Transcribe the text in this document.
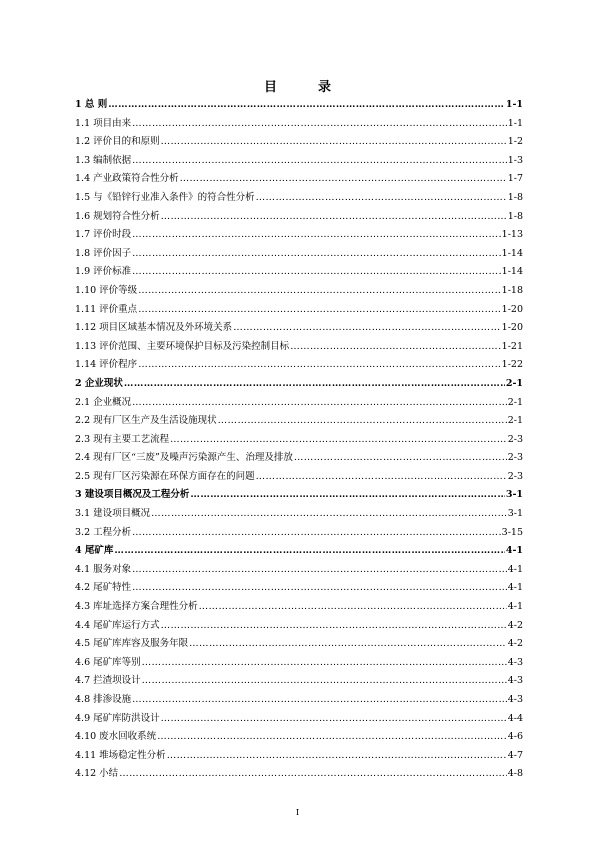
目　录
1 总 则 ………………………………………………………………………………………………………………………………………………………………………………………………………………	1-1
1.1 项目由来 ………………………………………………………………………………………………………………………………………………………………………………………………………………	1-1
1.2 评价目的和原则 ………………………………………………………………………………………………………………………………………………………………………………………………………………	1-2
1.3 编制依据 ………………………………………………………………………………………………………………………………………………………………………………………………………………	1-3
1.4 产业政策符合性分析 ………………………………………………………………………………………………………………………………………………………………………………………………………………	1-7
1.5 与《铅锌行业准入条件》的符合性分析 ………………………………………………………………………………………………………………………………………………………………………………………………………………	1-8
1.6 规划符合性分析 ………………………………………………………………………………………………………………………………………………………………………………………………………………	1-8
1.7 评价时段 ………………………………………………………………………………………………………………………………………………………………………………………………………………	1-13
1.8 评价因子 ………………………………………………………………………………………………………………………………………………………………………………………………………………	1-14
1.9 评价标准 ………………………………………………………………………………………………………………………………………………………………………………………………………………	1-14
1.10 评价等级 ………………………………………………………………………………………………………………………………………………………………………………………………………………	1-18
1.11 评价重点 ………………………………………………………………………………………………………………………………………………………………………………………………………………	1-20
1.12 项目区域基本情况及外环境关系 ………………………………………………………………………………………………………………………………………………………………………………………………………………	1-20
1.13 评价范围、主要环境保护目标及污染控制目标 ………………………………………………………………………………………………………………………………………………………………………………………………………………	1-21
1.14 评价程序 ………………………………………………………………………………………………………………………………………………………………………………………………………………	1-22
2 企业现状 ………………………………………………………………………………………………………………………………………………………………………………………………………………	2-1
2.1 企业概况 ………………………………………………………………………………………………………………………………………………………………………………………………………………	2-1
2.2 现有厂区生产及生活设施现状 ………………………………………………………………………………………………………………………………………………………………………………………………………………	2-1
2.3 现有主要工艺流程 ………………………………………………………………………………………………………………………………………………………………………………………………………………	2-3
2.4 现有厂区“三废”及噪声污染源产生、治理及排放 ………………………………………………………………………………………………………………………………………………………………………………………………………………	2-3
2.5 现有厂区污染源在环保方面存在的问题 ………………………………………………………………………………………………………………………………………………………………………………………………………………	2-3
3 建设项目概况及工程分析 ………………………………………………………………………………………………………………………………………………………………………………………………………………	3-1
3.1 建设项目概况 ………………………………………………………………………………………………………………………………………………………………………………………………………………	3-1
3.2 工程分析 ………………………………………………………………………………………………………………………………………………………………………………………………………………	3-15
4 尾矿库 ………………………………………………………………………………………………………………………………………………………………………………………………………………	4-1
4.1 服务对象 ………………………………………………………………………………………………………………………………………………………………………………………………………………	4-1
4.2 尾矿特性 ………………………………………………………………………………………………………………………………………………………………………………………………………………	4-1
4.3 库址选择方案合理性分析 ………………………………………………………………………………………………………………………………………………………………………………………………………………	4-1
4.4 尾矿库运行方式 ………………………………………………………………………………………………………………………………………………………………………………………………………………	4-2
4.5 尾矿库库容及服务年限 ………………………………………………………………………………………………………………………………………………………………………………………………………………	4-2
4.6 尾矿库等别 ………………………………………………………………………………………………………………………………………………………………………………………………………………	4-3
4.7 拦渣坝设计 ………………………………………………………………………………………………………………………………………………………………………………………………………………	4-3
4.8 排渗设施 ………………………………………………………………………………………………………………………………………………………………………………………………………………	4-3
4.9 尾矿库防洪设计 ………………………………………………………………………………………………………………………………………………………………………………………………………………	4-4
4.10 废水回收系统 ………………………………………………………………………………………………………………………………………………………………………………………………………………	4-6
4.11 堆场稳定性分析 ………………………………………………………………………………………………………………………………………………………………………………………………………………	4-7
4.12 小结 ………………………………………………………………………………………………………………………………………………………………………………………………………………	4-8
I
